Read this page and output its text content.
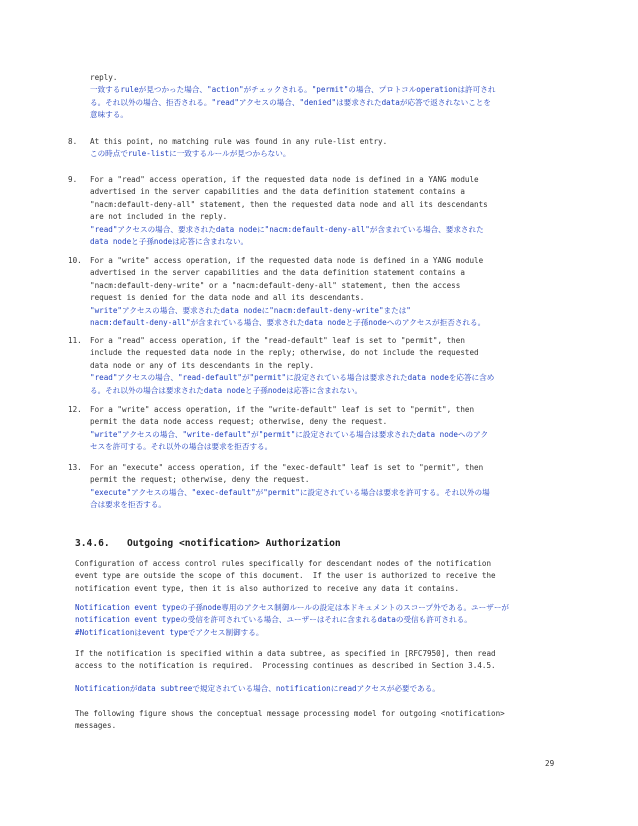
reply.
一致するruleが見つかった場合、"action"がチェックされる。"permit"の場合、プロトコルoperationは許可され
る。それ以外の場合、拒否される。"read"アクセスの場合、"denied"は要求されたdataが応答で返されないことを
意味する。
8. At this point, no matching rule was found in any rule-list entry.
この時点でrule-listに一致するルールが見つからない。
9. For a "read" access operation, if the requested data node is defined in a YANG module
advertised in the server capabilities and the data definition statement contains a
"nacm:default-deny-all" statement, then the requested data node and all its descendants
are not included in the reply.
"read"アクセスの場合、要求されたdata nodeに"nacm:default-deny-all"が含まれている場合、要求された
data nodeと子孫nodeは応答に含まれない。
10. For a "write" access operation, if the requested data node is defined in a YANG module
advertised in the server capabilities and the data definition statement contains a
"nacm:default-deny-write" or a "nacm:default-deny-all" statement, then the access
request is denied for the data node and all its descendants.
"write"アクセスの場合、要求されたdata nodeに"nacm:default-deny-write"または"
nacm:default-deny-all"が含まれている場合、要求されたdata nodeと子孫nodeへのアクセスが拒否される。
11. For a "read" access operation, if the "read-default" leaf is set to "permit", then
include the requested data node in the reply; otherwise, do not include the requested
data node or any of its descendants in the reply.
"read"アクセスの場合、"read-default"が"permit"に設定されている場合は要求されたdata nodeを応答に含め
る。それ以外の場合は要求されたdata nodeと子孫nodeは応答に含まれない。
12. For a "write" access operation, if the "write-default" leaf is set to "permit", then
permit the data node access request; otherwise, deny the request.
"write"アクセスの場合、"write-default"が"permit"に設定されている場合は要求されたdata nodeへのアク
セスを許可する。それ以外の場合は要求を拒否する。
13. For an "execute" access operation, if the "exec-default" leaf is set to "permit", then
permit the request; otherwise, deny the request.
"execute"アクセスの場合、"exec-default"が"permit"に設定されている場合は要求を許可する。それ以外の場
合は要求を拒否する。
3.4.6.   Outgoing <notification> Authorization
Configuration of access control rules specifically for descendant nodes of the notification
event type are outside the scope of this document.  If the user is authorized to receive the
notification event type, then it is also authorized to receive any data it contains.
Notification event typeの子孫node専用のアクセス制御ルールの設定は本ドキュメントのスコープ外である。ユーザーが
notification event typeの受信を許可されている場合、ユーザーはそれに含まれるdataの受信も許可される。
#Notificationはevent typeでアクセス制御する。
If the notification is specified within a data subtree, as specified in [RFC7950], then read
access to the notification is required.  Processing continues as described in Section 3.4.5.
Notificationがdata subtreeで規定されている場合、notificationにreadアクセスが必要である。
The following figure shows the conceptual message processing model for outgoing <notification>
messages.
29
